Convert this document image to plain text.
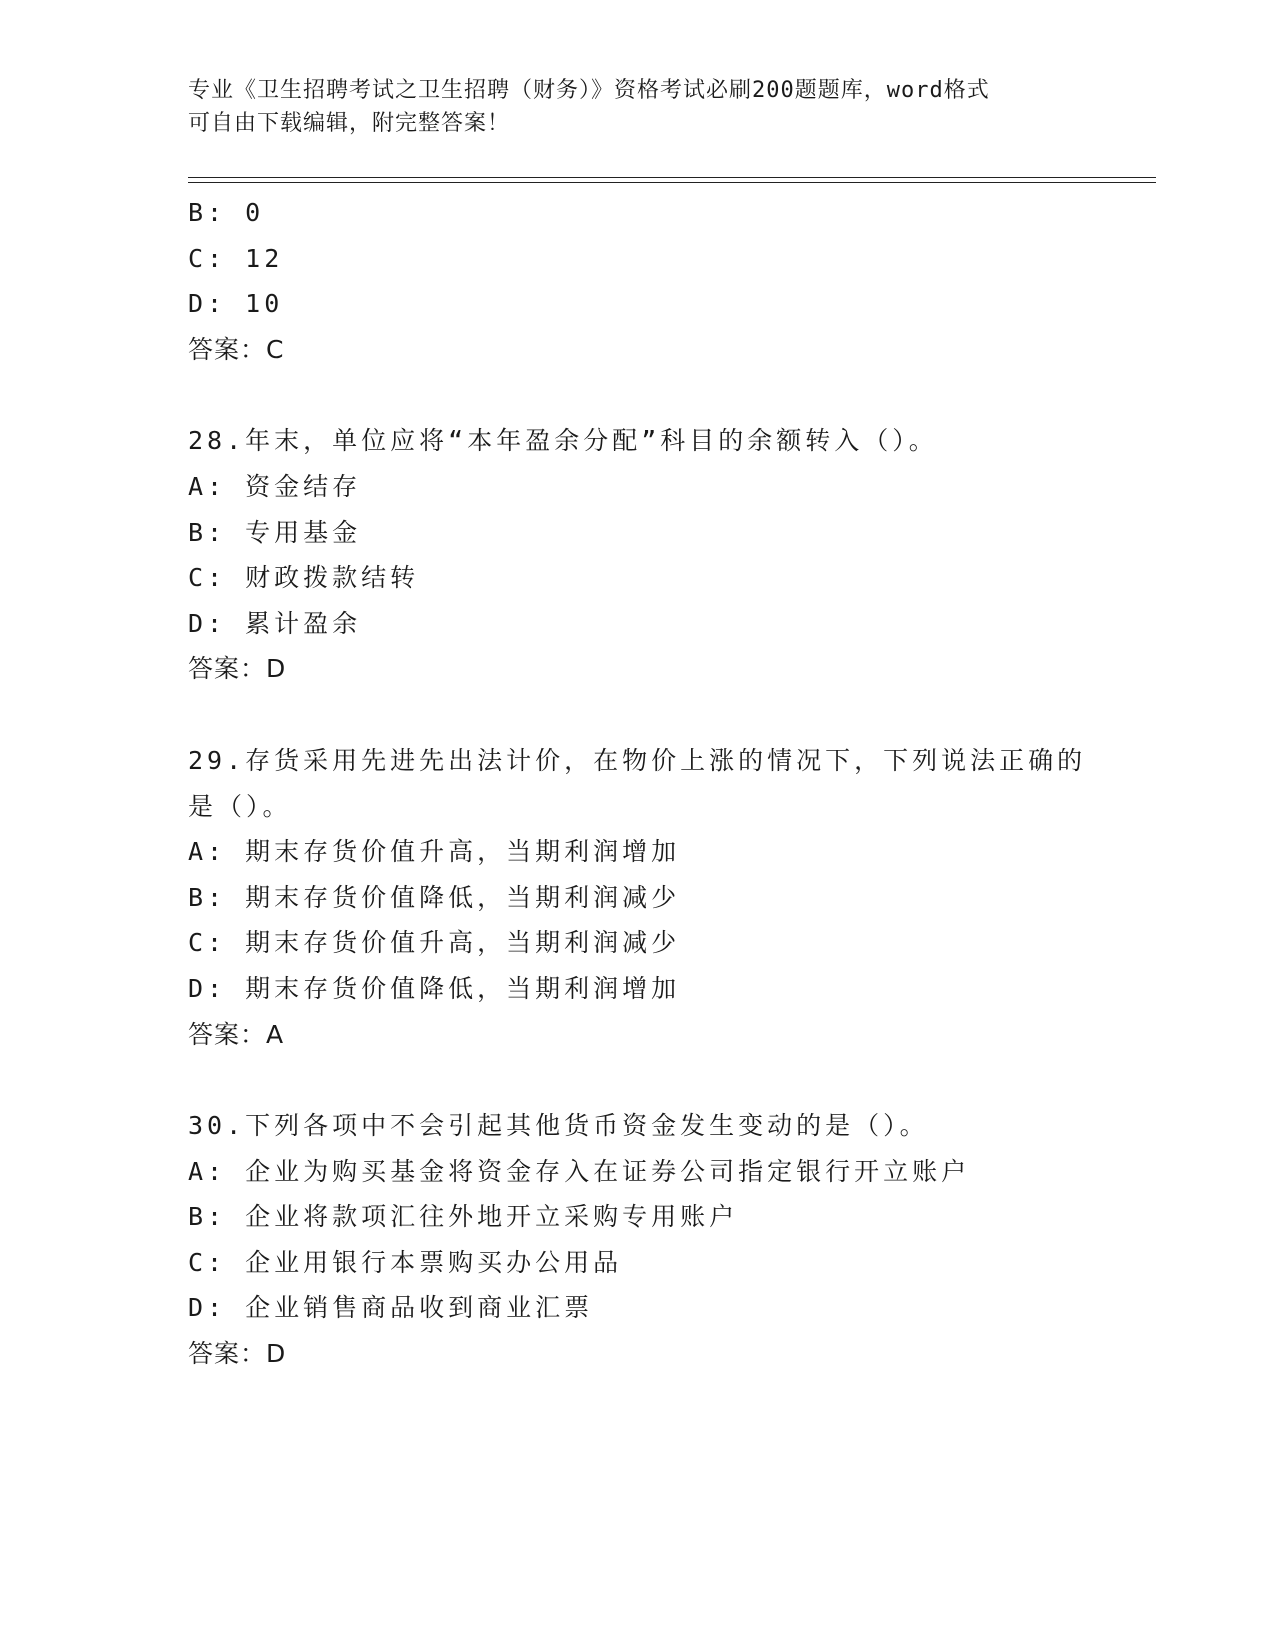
专业《卫生招聘考试之卫生招聘（财务）》资格考试必刷200题题库，word格式
可自由下载编辑，附完整答案！
B: 0
C: 12
D: 10
答案：C
28.年末，单位应将“本年盈余分配”科目的余额转入（）。
A: 资金结存
B: 专用基金
C: 财政拨款结转
D: 累计盈余
答案：D
29.存货采用先进先出法计价，在物价上涨的情况下，下列说法正确的
是（）。
A: 期末存货价值升高，当期利润增加
B: 期末存货价值降低，当期利润减少
C: 期末存货价值升高，当期利润减少
D: 期末存货价值降低，当期利润增加
答案：A
30.下列各项中不会引起其他货币资金发生变动的是（）。
A: 企业为购买基金将资金存入在证券公司指定银行开立账户
B: 企业将款项汇往外地开立采购专用账户
C: 企业用银行本票购买办公用品
D: 企业销售商品收到商业汇票
答案：D
